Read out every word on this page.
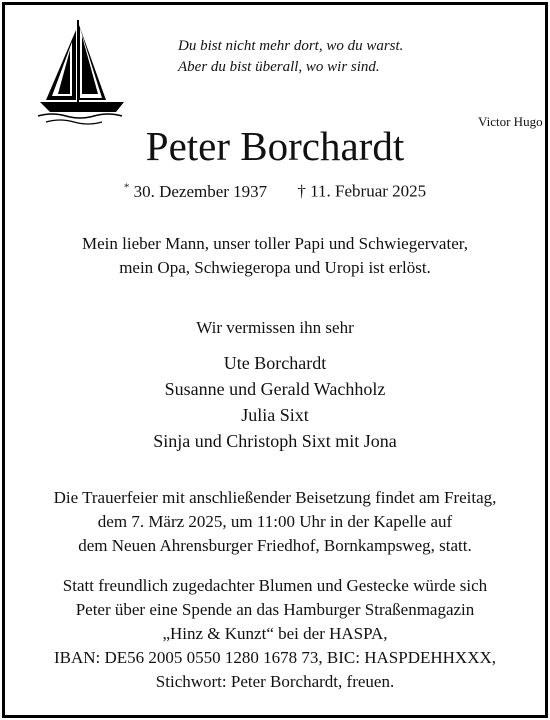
Du bist nicht mehr dort, wo du warst.
Aber du bist überall, wo wir sind.
Victor Hugo
Peter Borchardt
* 30. Dezember 1937 † 11. Februar 2025
Mein lieber Mann, unser toller Papi und Schwiegervater,
mein Opa, Schwiegeropa und Uropi ist erlöst.
Wir vermissen ihn sehr
Ute Borchardt
Susanne und Gerald Wachholz
Julia Sixt
Sinja und Christoph Sixt mit Jona
Die Trauerfeier mit anschließender Beisetzung findet am Freitag,
dem 7. März 2025, um 11:00 Uhr in der Kapelle auf
dem Neuen Ahrensburger Friedhof, Bornkampsweg, statt.
Statt freundlich zugedachter Blumen und Gestecke würde sich
Peter über eine Spende an das Hamburger Straßenmagazin
„Hinz & Kunzt“ bei der HASPA,
IBAN: DE56 2005 0550 1280 1678 73, BIC: HASPDEHHXXX,
Stichwort: Peter Borchardt, freuen.
